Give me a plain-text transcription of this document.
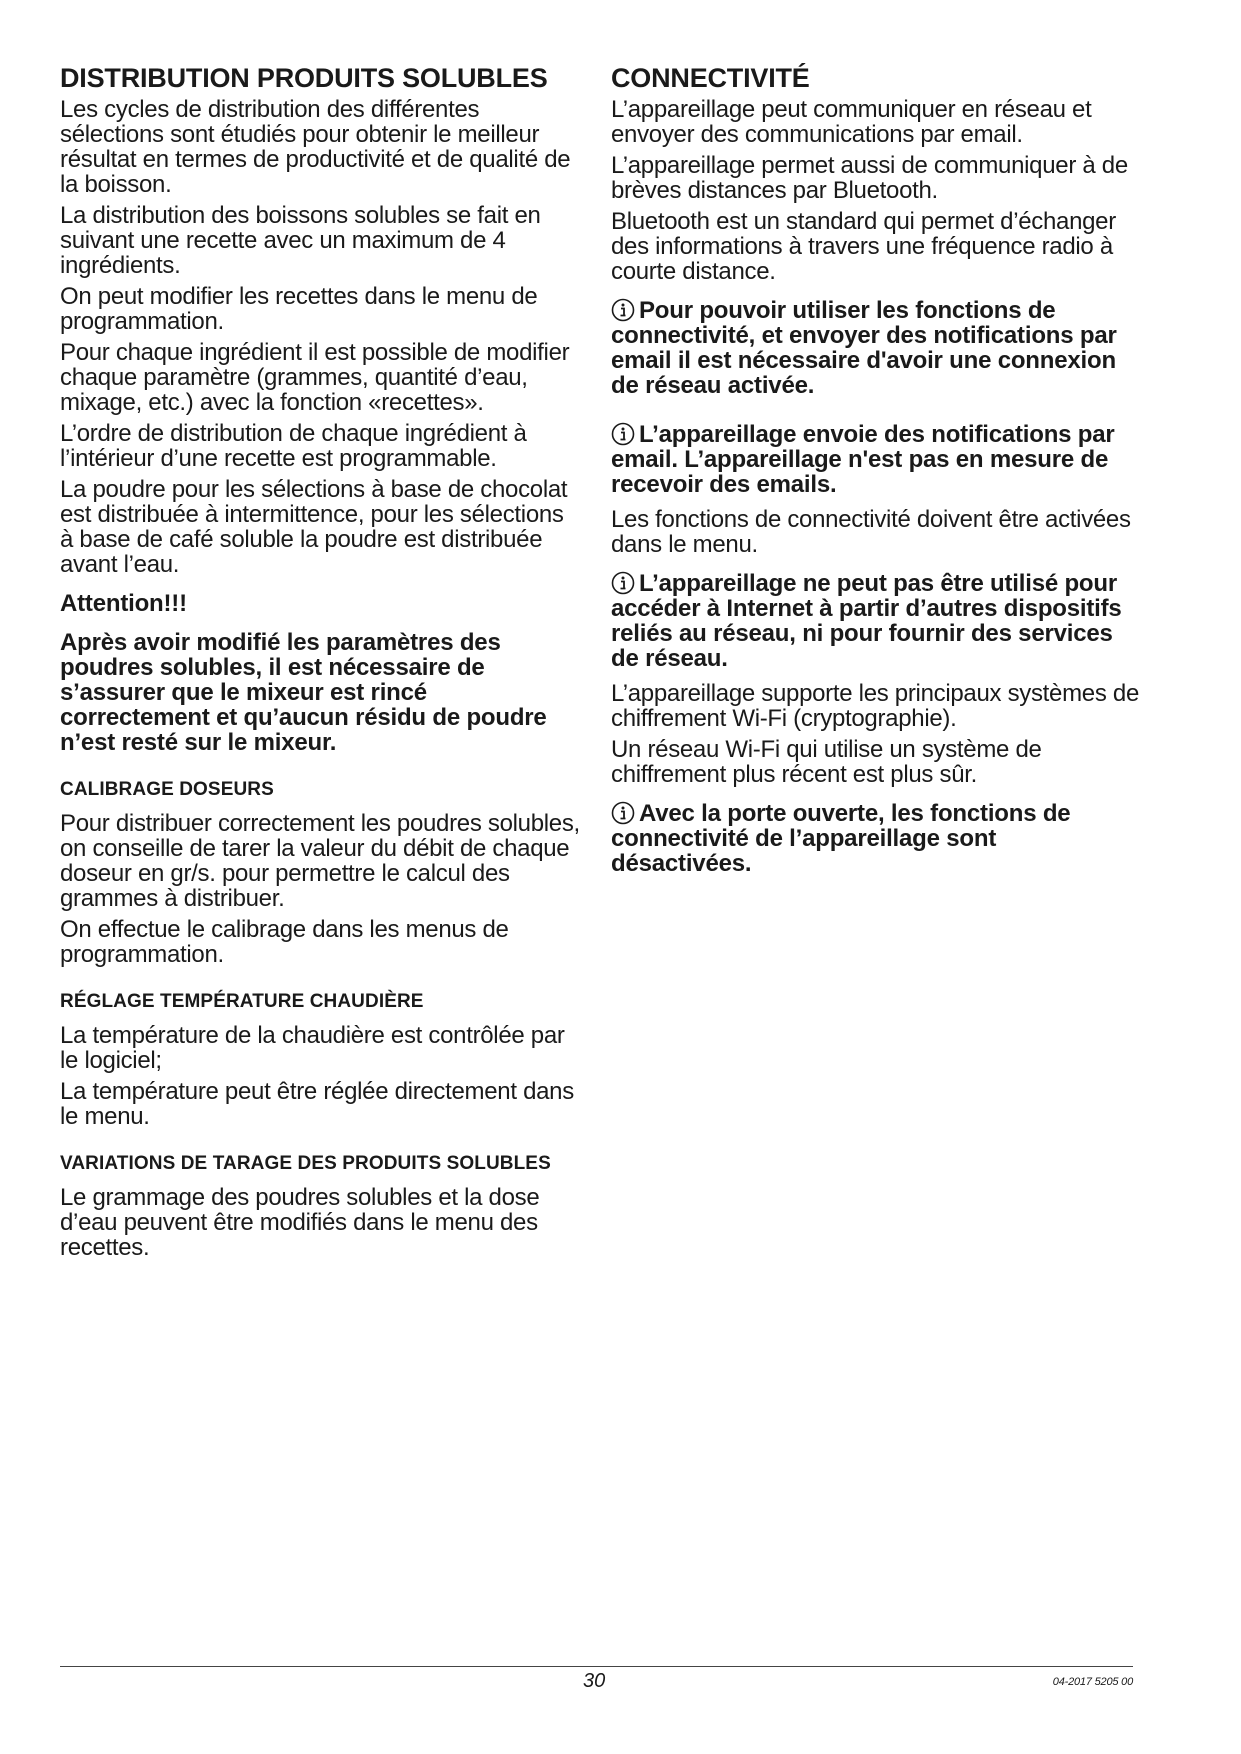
DISTRIBUTION PRODUITS SOLUBLES

Les cycles de distribution des différentes sélections sont étudiés pour obtenir le meilleur résultat en termes de productivité et de qualité de la boisson.

La distribution des boissons solubles se fait en suivant une recette avec un maximum de 4 ingrédients.

On peut modifier les recettes dans le menu de programmation.

Pour chaque ingrédient il est possible de modifier chaque paramètre (grammes, quantité d’eau, mixage, etc.) avec la fonction «recettes».

L’ordre de distribution de chaque ingrédient à l’intérieur d’une recette est programmable.

La poudre pour les sélections à base de chocolat est distribuée à intermittence, pour les sélections à base de café soluble la poudre est distribuée avant l’eau.

Attention!!!

Après avoir modifié les paramètres des poudres solubles, il est nécessaire de s’assurer que le mixeur est rincé correctement et qu’aucun résidu de poudre n’est resté sur le mixeur.

CALIBRAGE DOSEURS

Pour distribuer correctement les poudres solubles, on conseille de tarer la valeur du débit de chaque doseur en gr/s. pour permettre le calcul des grammes à distribuer.

On effectue le calibrage dans les menus de programmation.

RÉGLAGE TEMPÉRATURE CHAUDIÈRE

La température de la chaudière est contrôlée par le logiciel;

La température peut être réglée directement dans le menu.

VARIATIONS DE TARAGE DES PRODUITS SOLUBLES

Le grammage des poudres solubles et la dose d’eau peuvent être modifiés dans le menu des recettes.

CONNECTIVITÉ

L’appareillage peut communiquer en réseau et envoyer des communications par email.

L’appareillage permet aussi de communiquer à de brèves distances par Bluetooth.

Bluetooth est un standard qui permet d’échanger des informations à travers une fréquence radio à courte distance.

Pour pouvoir utiliser les fonctions de connectivité, et envoyer des notifications par email il est nécessaire d'avoir une connexion de réseau activée.
L’appareillage envoie des notifications par email. L’appareillage n'est pas en mesure de recevoir des emails.

Les fonctions de connectivité doivent être activées dans le menu.

L’appareillage ne peut pas être utilisé pour accéder à Internet à partir d’autres dispositifs reliés au réseau, ni pour fournir des services de réseau.

L’appareillage supporte les principaux systèmes de chiffrement Wi-Fi (cryptographie).

Un réseau Wi-Fi qui utilise un système de chiffrement plus récent est plus sûr.

Avec la porte ouverte, les fonctions de connectivité de l’appareillage sont désactivées.
30	04-2017 5205 00
